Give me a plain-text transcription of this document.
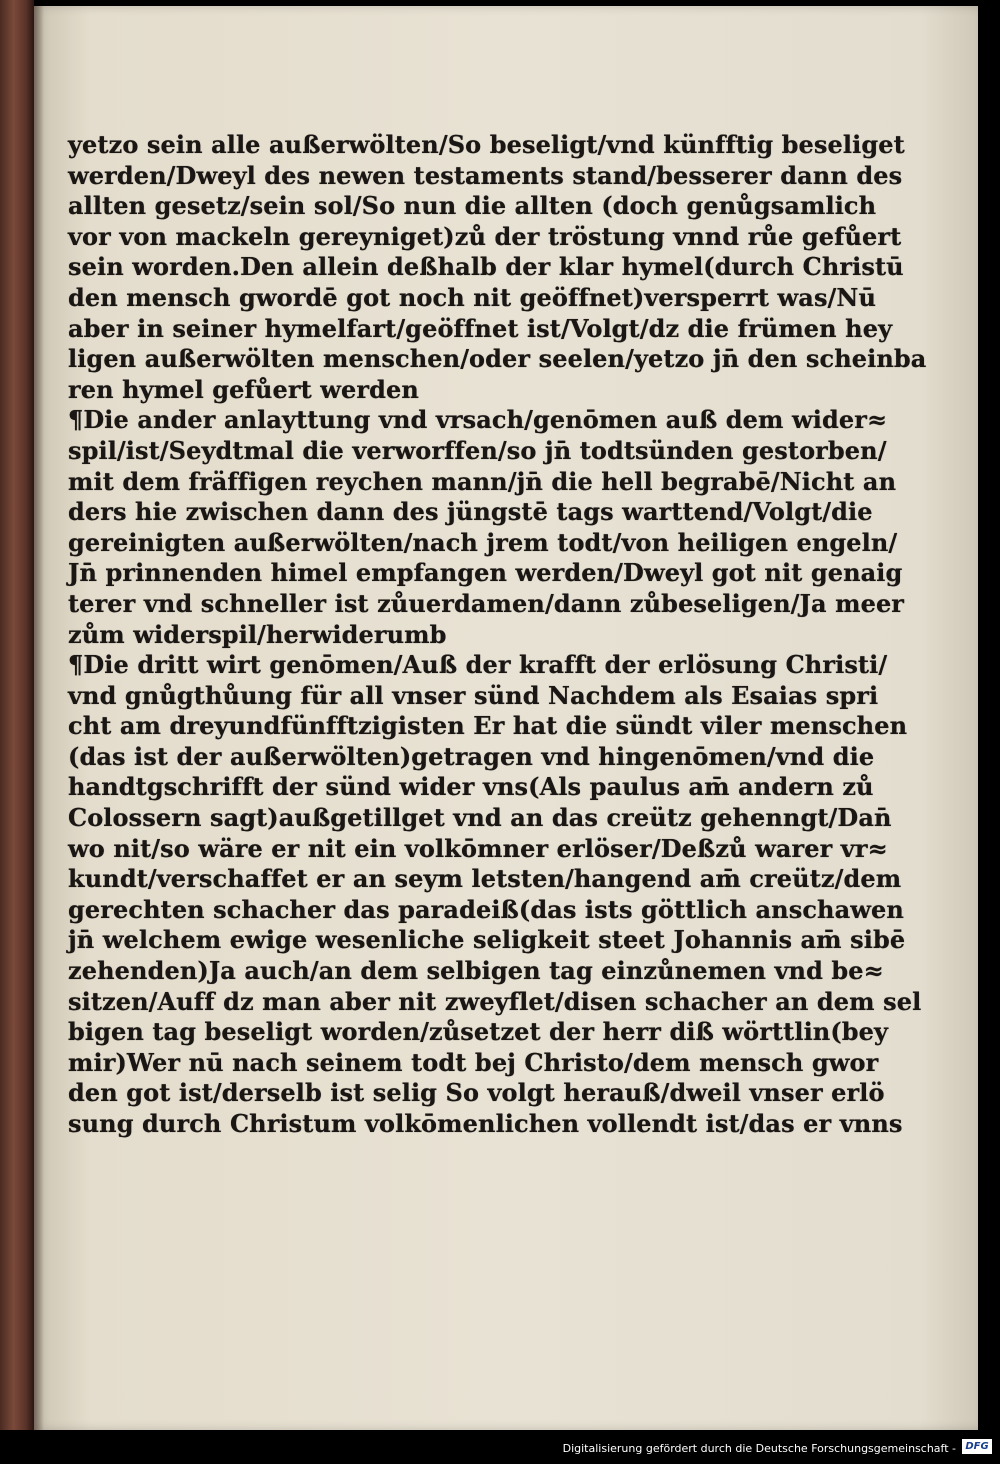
yetzo sein alle außerwölten/So beseligt/vnd künfftig beseliget
werden/Dweyl des newen testaments stand/besserer dann des
allten gesetz/sein sol/So nun die allten (doch genůgsamlich
vor von mackeln gereyniget)zů der tröstung vnnd růe gefůert
sein worden.Den allein deßhalb der klar hymel(durch Christū
den mensch gwordē got noch nit geöffnet)versperrt was/Nū
aber in seiner hymelfart/geöffnet ist/Volgt/dz die frümen hey
ligen außerwölten menschen/oder seelen/yetzo jn̄ den scheinba
ren hymel gefůert werden
¶Die ander anlayttung vnd vrsach/genōmen auß dem wider≈
spil/ist/Seydtmal die verworffen/so jn̄ todtsünden gestorben/
mit dem fräffigen reychen mann/jn̄ die hell begrabē/Nicht an
ders hie zwischen dann des jüngstē tags warttend/Volgt/die
gereinigten außerwölten/nach jrem todt/von heiligen engeln/
Jn̄ prinnenden himel empfangen werden/Dweyl got nit genaig
terer vnd schneller ist zůuerdamen/dann zůbeseligen/Ja meer
zům widerspil/herwiderumb
¶Die dritt wirt genōmen/Auß der krafft der erlösung Christi/
vnd gnůgthůung für all vnser sünd Nachdem als Esaias spri
cht am dreyundfünfftzigisten Er hat die sündt viler menschen
(das ist der außerwölten)getragen vnd hingenōmen/vnd die
handtgschrifft der sünd wider vns(Als paulus am̄ andern zů
Colossern sagt)außgetillget vnd an das creütz gehenngt/Dan̄
wo nit/so wäre er nit ein volkōmner erlöser/Deßzů warer vr≈
kundt/verschaffet er an seym letsten/hangend am̄ creütz/dem
gerechten schacher das paradeiß(das ists göttlich anschawen
jn̄ welchem ewige wesenliche seligkeit steet Johannis am̄ sibē
zehenden)Ja auch/an dem selbigen tag einzůnemen vnd be≈
sitzen/Auff dz man aber nit zweyflet/disen schacher an dem sel
bigen tag beseligt worden/zůsetzet der herr diß wörttlin(bey
mir)Wer nū nach seinem todt bej Christo/dem mensch gwor
den got ist/derselb ist selig So volgt herauß/dweil vnser erlö
sung durch Christum volkōmenlichen vollendt ist/das er vnns
Digitalisierung gefördert durch die Deutsche Forschungsgemeinschaft - DFG
